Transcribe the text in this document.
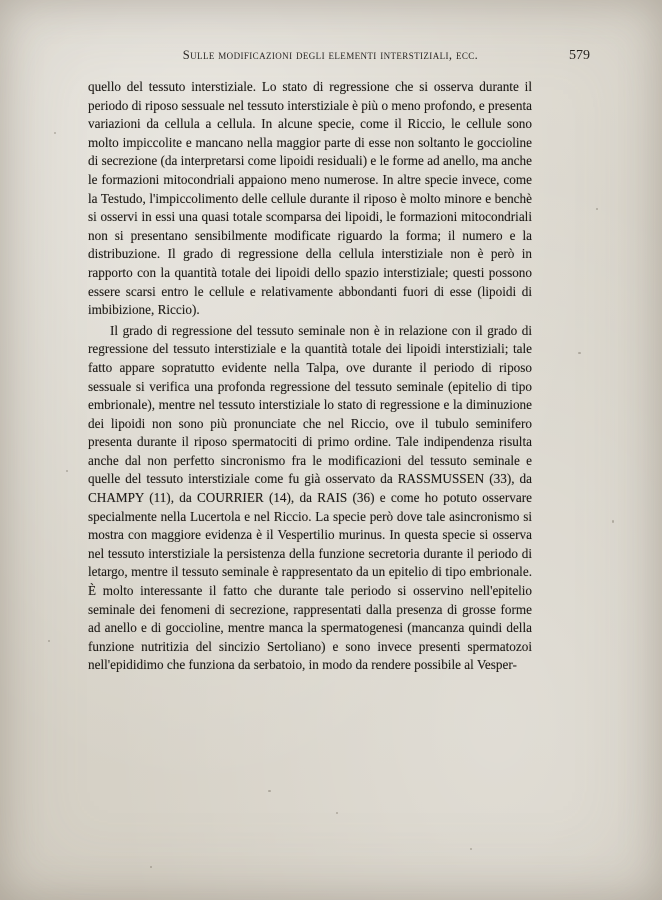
Sulle modificazioni degli elementi interstiziali, ecc.	579

quello del tessuto interstiziale. Lo stato di regressione che si osserva durante il periodo di riposo sessuale nel tessuto interstiziale è più o meno profondo, e presenta variazioni da cellula a cellula. In alcune specie, come il Riccio, le cellule sono molto impiccolite e mancano nella maggior parte di esse non soltanto le goccioline di secrezione (da interpretarsi come lipoidi residuali) e le forme ad anello, ma anche le formazioni mitocondriali appaiono meno numerose. In altre specie invece, come la Testudo, l'impiccolimento delle cellule durante il riposo è molto minore e benchè si osservi in essi una quasi totale scomparsa dei lipoidi, le formazioni mitocondriali non si presentano sensibilmente modificate riguardo la forma; il numero e la distribuzione. Il grado di regressione della cellula interstiziale non è però in rapporto con la quantità totale dei lipoidi dello spazio interstiziale; questi possono essere scarsi entro le cellule e relativamente abbondanti fuori di esse (lipoidi di imbibizione, Riccio).

Il grado di regressione del tessuto seminale non è in relazione con il grado di regressione del tessuto interstiziale e la quantità totale dei lipoidi interstiziali; tale fatto appare sopratutto evidente nella Talpa, ove durante il periodo di riposo sessuale si verifica una profonda regressione del tessuto seminale (epitelio di tipo embrionale), mentre nel tessuto interstiziale lo stato di regressione e la diminuzione dei lipoidi non sono più pronunciate che nel Riccio, ove il tubulo seminifero presenta durante il riposo spermatociti di primo ordine. Tale indipendenza risulta anche dal non perfetto sincronismo fra le modificazioni del tessuto seminale e quelle del tessuto interstiziale come fu già osservato da RASSMUSSEN (33), da CHAMPY (11), da COURRIER (14), da RAIS (36) e come ho potuto osservare specialmente nella Lucertola e nel Riccio. La specie però dove tale asincronismo si mostra con maggiore evidenza è il Vespertilio murinus. In questa specie si osserva nel tessuto interstiziale la persistenza della funzione secretoria durante il periodo di letargo, mentre il tessuto seminale è rappresentato da un epitelio di tipo embrionale. È molto interessante il fatto che durante tale periodo si osservino nell'epitelio seminale dei fenomeni di secrezione, rappresentati dalla presenza di grosse forme ad anello e di goccioline, mentre manca la spermatogenesi (mancanza quindi della funzione nutritizia del sincizio Sertoliano) e sono invece presenti spermatozoi nell'epididimo che funziona da serbatoio, in modo da rendere possibile al Vesper-
